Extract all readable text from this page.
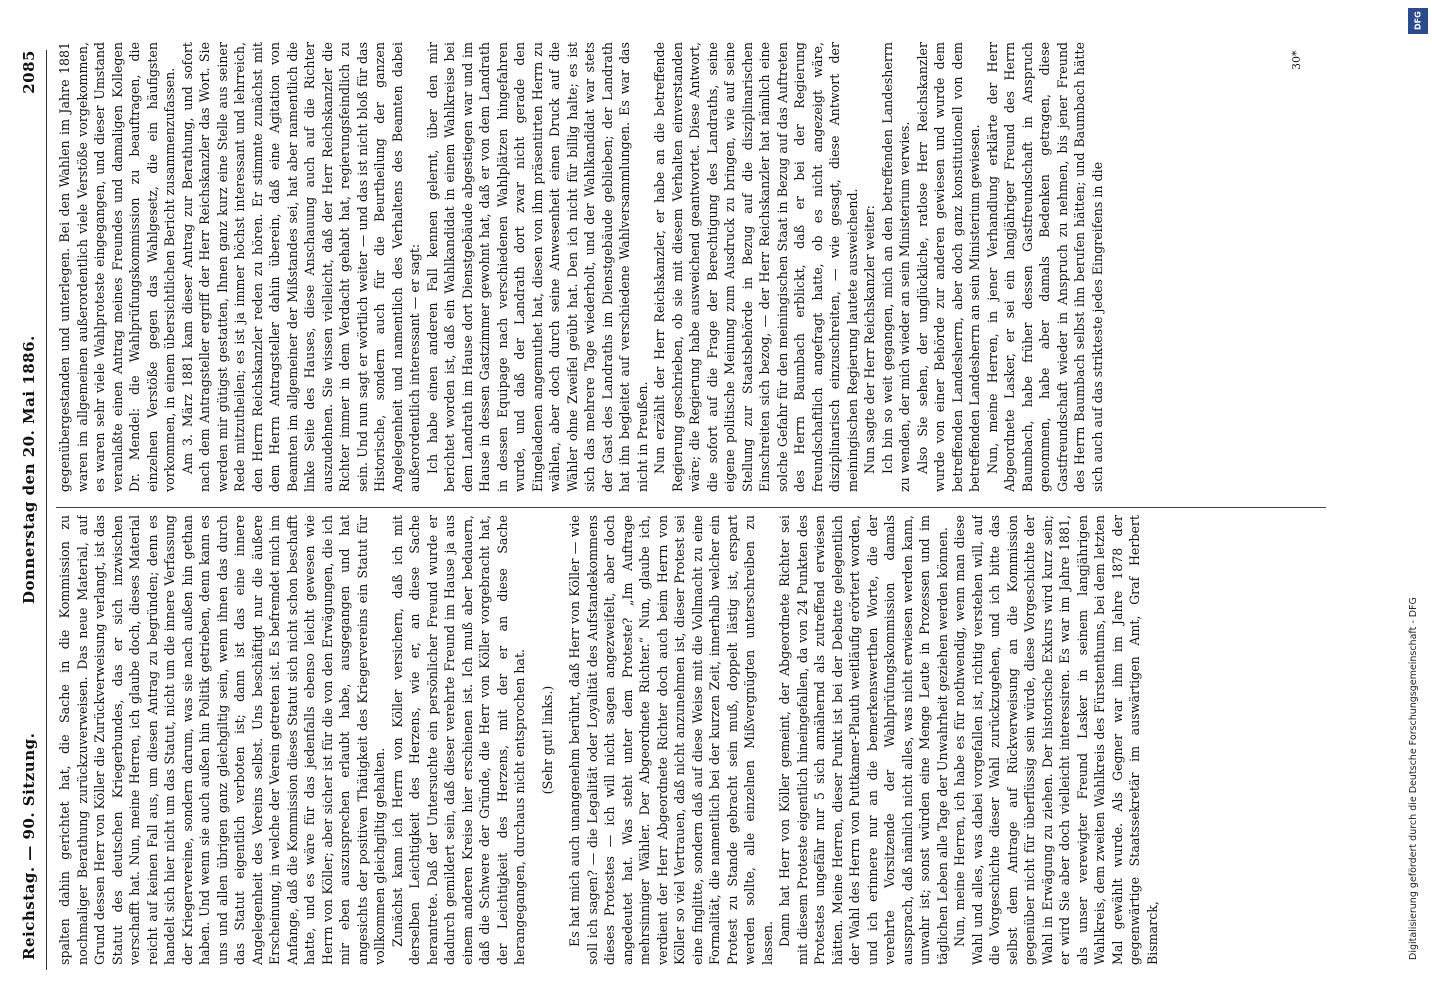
Reichstag. — 90. Sitzung.
Donnerstag den 20. Mai 1886.
2085

spalten dahin gerichtet hat, die Sache in die Kommission zu nochmaliger Berathung zurückzuverweisen. Das neue Material, auf Grund dessen Herr von Köller die Zurückverweisung verlangt, ist das Statut des deutschen Kriegerbundes, das er sich inzwischen verschafft hat. Nun, meine Herren, ich glaube doch, dieses Material reicht auf keinen Fall aus, um diesen Antrag zu begründen; denn es handelt sich hier nicht um das Statut, nicht um die innere Verfassung der Kriegervereine, sondern darum, was sie nach außen hin gethan haben. Und wenn sie auch außen hin Politik getrieben, denn kann es uns und allen übrigen ganz gleichgiltig sein, wenn ihnen das durch das Statut eigentlich verboten ist; dann ist das eine innere Angelegenheit des Vereins selbst. Uns beschäftigt nur die äußere Erscheinung, in welche der Verein getreten ist. Es befremdet mich im Anfange, daß die Kommission dieses Statut sich nicht schon beschafft hatte, und es wäre für das jedenfalls ebenso leicht gewesen wie Herrn von Köller; aber sicher ist für die von den Erwägungen, die ich mir eben auszusprechen erlaubt habe, ausgegangen und hat angesichts der positiven Thätigkeit des Kriegervereins ein Statut für vollkommen gleichgiltig gehalten. Zunächst kann ich Herrn von Köller versichern, daß ich mit derselben Leichtigkeit des Herzens, wie er, an diese Sache herantrete. Daß der Untersuchte ein persönlicher Freund wurde er dadurch gemildert sein, daß dieser verehrte Freund im Hause ja aus einem anderen Kreise hier erschienen ist. Ich muß aber bedauern, daß die Schwere der Gründe, die Herr von Köller vorgebracht hat, der Leichtigkeit des Herzens, mit der er an diese Sache herangegangen, durchaus nicht entsprochen hat. (Sehr gut! links.) Es hat mich auch unangenehm berührt, daß Herr von Köller — wie soll ich sagen? — die Legalität oder Loyalität des Aufstandekommens dieses Protestes — ich will nicht sagen angezweifelt, aber doch angedeutet hat. Was steht unter dem Proteste? „Im Auftrage mehrsinniger Wähler. Der Abgeordnete Richter.“ Nun, glaube ich, verdient der Herr Abgeordnete Richter doch auch beim Herrn von Köller so viel Vertrauen, daß nicht anzunehmen ist, dieser Protest sei eine finglitte, sondern daß auf diese Weise mit die Vollmacht zu eine Formalität, die namentlich bei der kurzen Zeit, innerhalb welcher ein Protest zu Stande gebracht sein muß, doppelt lästig ist, erspart werden sollte, alle einzelnen Mißvergnügten unterschreiben zu lassen. Dann hat Herr von Köller gemeint, der Abgeordnete Richter sei mit diesem Proteste eigentlich hineingefallen, da von 24 Punkten des Protestes ungefähr nur 5 sich annähernd als zutreffend erwiesen hätten. Meine Herren, dieser Punkt ist bei der Debatte gelegentlich der Wahl des Herrn von Puttkamer-Plauth weitläufig erörtert worden, und ich erinnere nur an die bemerkenswerthen Worte, die der verehrte Vorsitzende der Wahlprüfungskommission damals aussprach, daß nämlich nicht alles, was nicht erwiesen werden kann, unwahr ist; sonst würden eine Menge Leute in Prozessen und im täglichen Leben alle Tage der Unwahrheit geziehen werden können. Nun, meine Herren, ich habe es für nothwendig, wenn man diese Wahl und alles, was dabei vorgefallen ist, richtig verstehen will, auf die Vorgeschichte dieser Wahl zurückzugehen, und ich bitte das selbst dem Antrage auf Rückverweisung an die Kommission gegenüber nicht für überflüssig sein würde, diese Vorgeschichte der Wahl in Erwägung zu ziehen. Der historische Exkurs wird kurz sein; er wird Sie aber doch vielleicht interessiren. Es war im Jahre 1881, als unser verewigter Freund Lasker in seinem langjährigen Wahlkreis, dem zweiten Wahlkreis des Fürstenthums, bei dem letzten Mal gewählt wurde. Als Gegner war ihm im Jahre 1878 der gegenwärtige Staatssekretär im auswärtigen Amt, Graf Herbert Bismarck,

gegenübergestanden und unterlegen. Bei den Wahlen im Jahre 1881 waren im allgemeinen außerordentlich viele Verstöße vorgekommen, es waren sehr viele Wahlproteste eingegangen, und dieser Umstand veranlaßte einen Antrag meines Freundes und damaligen Kollegen Dr. Mendel: die Wahlprüfungskommission zu beauftragen, die einzelnen Verstöße gegen das Wahlgesetz, die ein häufigsten vorkommen, in einem übersichtlichen Bericht zusammenzufassen. Am 3. März 1881 kam dieser Antrag zur Berathung, und sofort nach dem Antragsteller ergriff der Herr Reichskanzler das Wort. Sie werden mir gütigst gestatten, Ihnen ganz kurz eine Stelle aus seiner Rede mitzutheilen; es ist ja immer höchst interessant und lehrreich, den Herrn Reichskanzler reden zu hören. Er stimmte zunächst mit dem Herrn Antragsteller dahin überein, daß eine Agitation von Beamten im allgemeiner der Mißstandes sei, hat aber namentlich die linke Seite des Hauses, diese Anschauung auch auf die Richter auszudehnen. Sie wissen vielleicht, daß der Herr Reichskanzler die Richter immer in dem Verdacht gehabt hat, regierungsfeindlich zu sein. Und nun sagt er wörtlich weiter — und das ist nicht bloß für das Historische, sondern auch für die Beurtheilung der ganzen Angelegenheit und namentlich des Verhaltens des Beamten dabei außerordentlich interessant — er sagt: Ich habe einen anderen Fall kennen gelernt, über den mir berichtet worden ist, daß ein Wahlkandidat in einem Wahlkreise bei dem Landrath im Hause dort Dienstgebäude abgestiegen war und im Hause in dessen Gastzimmer gewohnt hat, daß er von dem Landrath in dessen Equipage nach verschiedenen Wahlplätzen hingefahren wurde, und daß der Landrath dort zwar nicht gerade den Eingeladenen angemuthet hat, diesen von ihm präsentirten Herrn zu wählen, aber doch durch seine Anwesenheit einen Druck auf die Wähler ohne Zweifel geübt hat. Den ich nicht für billig halte; es ist sich das mehrere Tage wiederholt, und der Wahlkandidat war stets der Gast des Landraths im Dienstgebäude geblieben; der Landrath hat ihn begleitet auf verschiedene Wahlversammlungen. Es war das nicht in Preußen. Nun erzählt der Herr Reichskanzler, er habe an die betreffende Regierung geschrieben, ob sie mit diesem Verhalten einverstanden wäre; die Regierung habe ausweichend geantwortet. Diese Antwort, die sofort auf die Frage der Berechtigung des Landraths, seine eigene politische Meinung zum Ausdruck zu bringen, wie auf seine Stellung zur Staatsbehörde in Bezug auf die disziplinarischen Einschreiten sich bezog, — der Herr Reichskanzler hat nämlich eine solche Gefahr für den meiningischen Staat in Bezug auf das Auftreten des Herrn Baumbach erblickt, daß er bei der Regierung freundschaftlich angefragt hatte, ob es nicht angezeigt wäre, disziplinarisch einzuschreiten, — wie gesagt, diese Antwort der meiningischen Regierung lautete ausweichend. Nun sagte der Herr Reichskanzler weiter: Ich bin so weit gegangen, mich an den betreffenden Landesherrn zu wenden, der mich wieder an sein Ministerium verwies. Also Sie sehen, der unglückliche, ratlose Herr Reichskanzler wurde von einer Behörde zur anderen gewiesen und wurde dem betreffenden Landesherrn, aber doch ganz konstitutionell von dem betreffenden Landesherrn an sein Ministerium gewiesen. Nun, meine Herren, in jener Verhandlung erklärte der Herr Abgeordnete Lasker, er sei ein langjähriger Freund des Herrn Baumbach, habe früher dessen Gastfreundschaft in Anspruch genommen, habe aber damals Bedenken getragen, diese Gastfreundschaft wieder in Anspruch zu nehmen, bis jener Freund des Herrn Baumbach selbst ihn berufen hätten; und Baumbach hätte sich auch auf das strikteste jedes Eingreifens in die

30*
DFG
Digitalisierung gefördert durch die Deutsche Forschungsgemeinschaft - DFG
